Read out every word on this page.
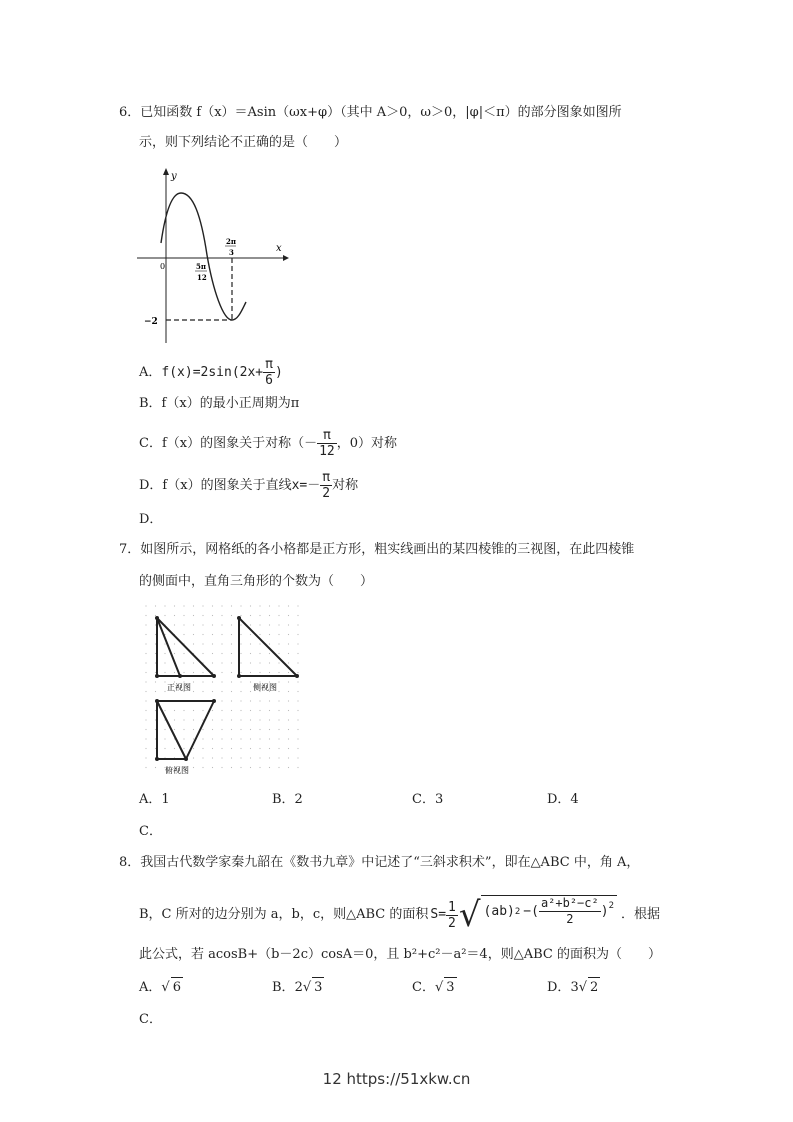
6．已知函数 f（x）＝Asin（ωx+φ）（其中 A＞0，ω＞0，|φ|＜π）的部分图象如图所
示，则下列结论不正确的是（　　）
y
x
0
2π
3
5π
12
−2
A．$f(x)=2\sin(2x+ \frac{\pi}{6}$ )
B．f（x）的最小正周期为π
C．f（x）的图象关于对称（－ $\frac{\pi}{12}$ ，0）对称
D．f（x）的图象关于直线$x=- \frac{\pi}{2}$ 对称
D．
7．如图所示，网格纸的各小格都是正方形，粗实线画出的某四棱锥的三视图，在此四棱锥
的侧面中，直角三角形的个数为（　　）
正视图	侧视图
俯视图
A．1	B．2	C．3	D．4
C．
8．我国古代数学家秦九韶在《数书九章》中记述了“三斜求积术”，即在△ABC 中，角 A，
B，C 所对的边分别为 a，b，c，则△ABC 的面积 $S= \frac{1}{2}$ √ (ab) 2 −( $\frac{\text{a²+b²−c²}}{2} )^2$
．根据
此公式，若 acosB+（b－2c）cosA＝0，且 b²+c²－a²＝4，则△ABC 的面积为（　　）
A．√ 6	B．2√ 3	C．√ 3	D．3√ 2
C．
12 https://51xkw.cn
